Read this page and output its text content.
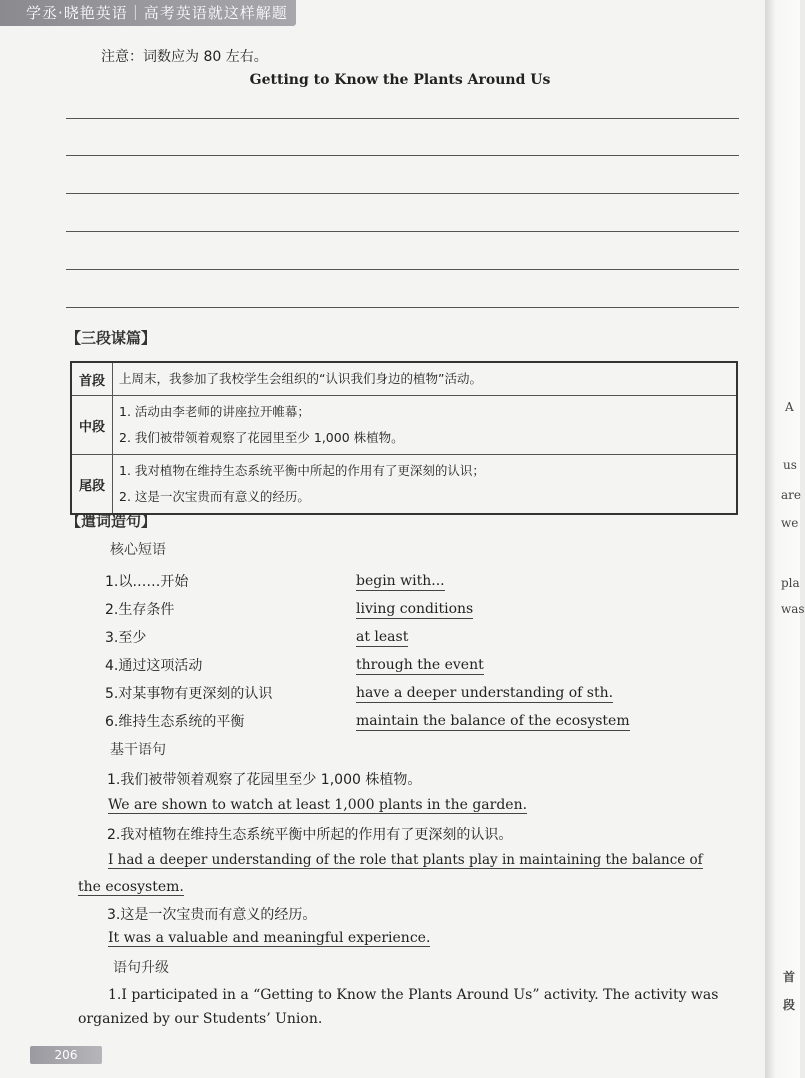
学丞·晓艳英语｜高考英语就这样解题
注意：词数应为 80 左右。
Getting to Know the Plants Around Us
【三段谋篇】
首段	上周末，我参加了我校学生会组织的“认识我们身边的植物”活动。

中段	1. 活动由李老师的讲座拉开帷幕；
2. 我们被带领着观察了花园里至少 1,000 株植物。

尾段	1. 我对植物在维持生态系统平衡中所起的作用有了更深刻的认识；
2. 这是一次宝贵而有意义的经历。
【遣词造句】
核心短语
1.以……开始	begin with...
2.生存条件	living conditions
3.至少	at least
4.通过这项活动	through the event
5.对某事物有更深刻的认识	have a deeper understanding of sth.
6.维持生态系统的平衡	maintain the balance of the ecosystem
基干语句
1.我们被带领着观察了花园里至少 1,000 株植物。
We are shown to watch at least 1,000 plants in the garden.
2.我对植物在维持生态系统平衡中所起的作用有了更深刻的认识。
I had a deeper understanding of the role that plants play in maintaining the balance of
the ecosystem.
3.这是一次宝贵而有意义的经历。
It was a valuable and meaningful experience.
语句升级
1.I participated in a “Getting to Know the Plants Around Us” activity. The activity was organized by our Students’ Union.
206
A
us
are
we
pla
was
首
段
